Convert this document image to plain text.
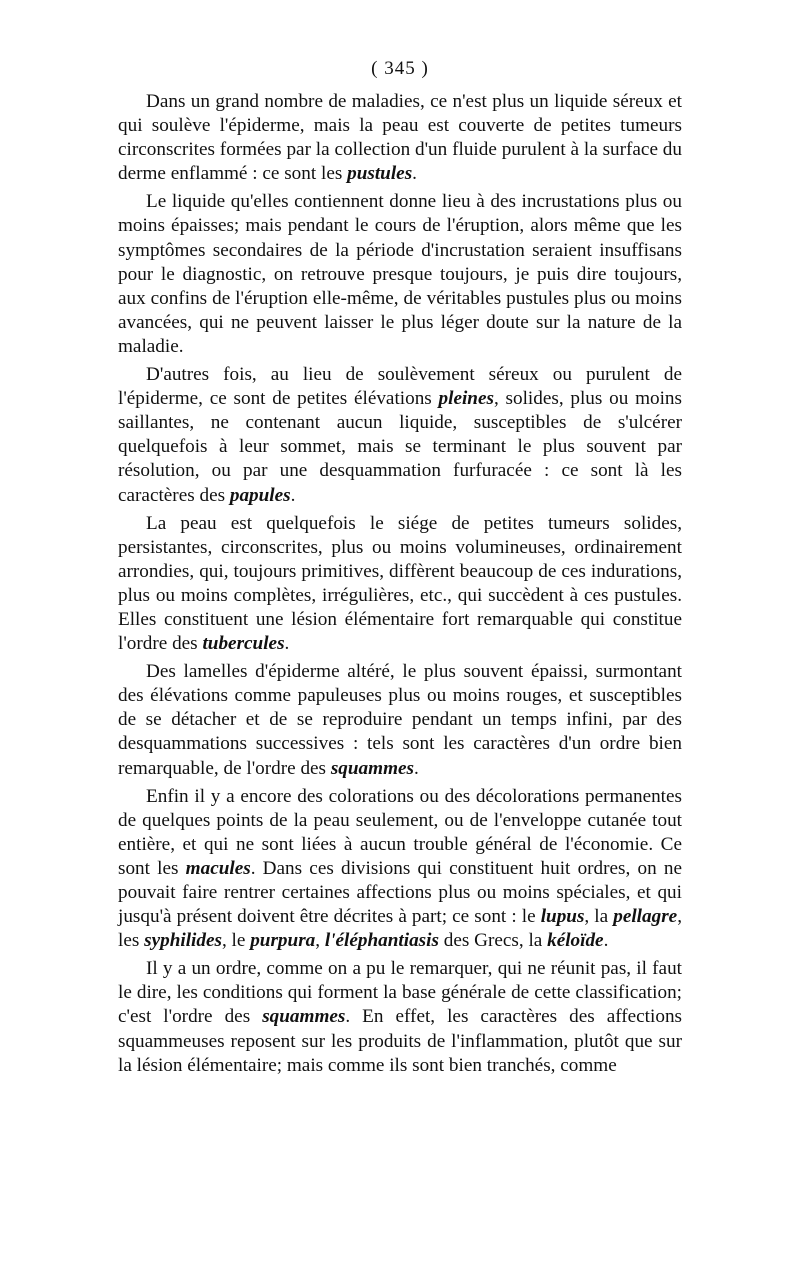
( 345 )

Dans un grand nombre de maladies, ce n'est plus un liquide séreux et qui soulève l'épiderme, mais la peau est couverte de petites tumeurs circonscrites formées par la collection d'un fluide purulent à la surface du derme enflammé : ce sont les pustules.

Le liquide qu'elles contiennent donne lieu à des incrustations plus ou moins épaisses; mais pendant le cours de l'éruption, alors même que les symptômes secondaires de la période d'incrustation seraient insuffisans pour le diagnostic, on retrouve presque toujours, je puis dire toujours, aux confins de l'éruption elle-même, de véritables pustules plus ou moins avancées, qui ne peuvent laisser le plus léger doute sur la nature de la maladie.

D'autres fois, au lieu de soulèvement séreux ou purulent de l'épiderme, ce sont de petites élévations pleines, solides, plus ou moins saillantes, ne contenant aucun liquide, susceptibles de s'ulcérer quelquefois à leur sommet, mais se terminant le plus souvent par résolution, ou par une desquammation furfuracée : ce sont là les caractères des papules.

La peau est quelquefois le siége de petites tumeurs solides, persistantes, circonscrites, plus ou moins volumineuses, ordinairement arrondies, qui, toujours primitives, diffèrent beaucoup de ces indurations, plus ou moins complètes, irrégulières, etc., qui succèdent à ces pustules. Elles constituent une lésion élémentaire fort remarquable qui constitue l'ordre des tubercules.

Des lamelles d'épiderme altéré, le plus souvent épaissi, surmontant des élévations comme papuleuses plus ou moins rouges, et susceptibles de se détacher et de se reproduire pendant un temps infini, par des desquammations successives : tels sont les caractères d'un ordre bien remarquable, de l'ordre des squammes.

Enfin il y a encore des colorations ou des décolorations permanentes de quelques points de la peau seulement, ou de l'enveloppe cutanée tout entière, et qui ne sont liées à aucun trouble général de l'économie. Ce sont les macules. Dans ces divisions qui constituent huit ordres, on ne pouvait faire rentrer certaines affections plus ou moins spéciales, et qui jusqu'à présent doivent être décrites à part; ce sont : le lupus, la pellagre, les syphilides, le purpura, l'éléphantiasis des Grecs, la kéloïde.

Il y a un ordre, comme on a pu le remarquer, qui ne réunit pas, il faut le dire, les conditions qui forment la base générale de cette classification; c'est l'ordre des squammes. En effet, les caractères des affections squammeuses reposent sur les produits de l'inflammation, plutôt que sur la lésion élémentaire; mais comme ils sont bien tranchés, comme
